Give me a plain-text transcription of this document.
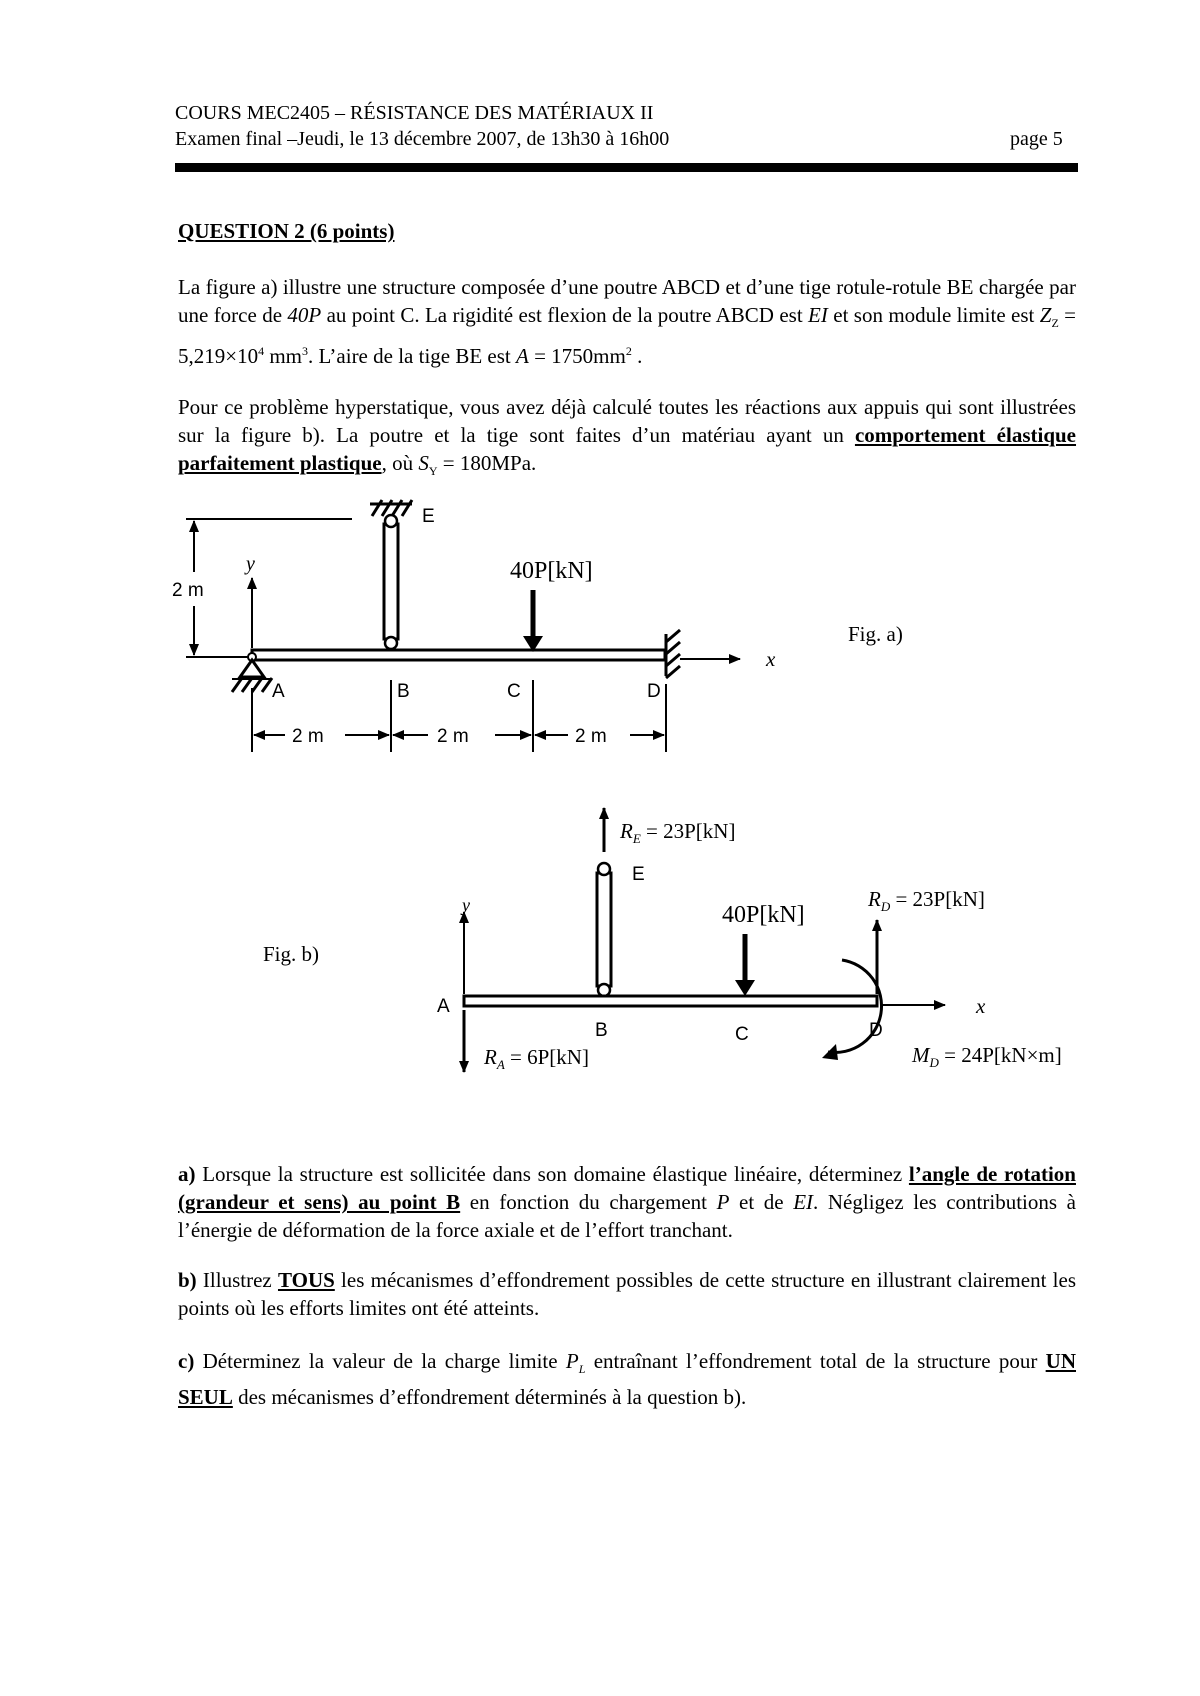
COURS MEC2405 – RÉSISTANCE DES MATÉRIAUX II
Examen final –Jeudi, le 13 décembre 2007, de 13h30 à 16h00	page 5
QUESTION 2 (6 points)
La figure a) illustre une structure composée d’une poutre ABCD et d’une tige rotule-rotule BE chargée par une force de 40P au point C. La rigidité est flexion de la poutre ABCD est EI et son module limite est $Z_Z = 5,219\times 10^4$ $mm^3$. L’aire de la tige BE est $A = 1750mm^2$ .
Pour ce problème hyperstatique, vous avez déjà calculé toutes les réactions aux appuis qui sont illustrées sur la figure b). La poutre et la tige sont faites d’un matériau ayant un comportement élastique parfaitement plastique, où $S_Y = 180MPa$.
2 m
E
y
x
40P[kN]
A	B	C	D
2 m	2 m	2 m
Fig. a)
Fig. b)
$R_E = 23P[kN]$
E
y
$R_A = 6P[kN]$
40P[kN]
$R_D = 23P[kN]$
x
$M_D = 24P[kN\times m]$
A
B	C	D
a) Lorsque la structure est sollicitée dans son domaine élastique linéaire, déterminez l’angle de rotation (grandeur et sens) au point B en fonction du chargement P et de EI. Négligez les contributions à l’énergie de déformation de la force axiale et de l’effort tranchant.
b) Illustrez TOUS les mécanismes d’effondrement possibles de cette structure en illustrant clairement les points où les efforts limites ont été atteints.
c) Déterminez la valeur de la charge limite $P_L$ entraînant l’effondrement total de la structure pour UN SEUL des mécanismes d’effondrement déterminés à la question b).
